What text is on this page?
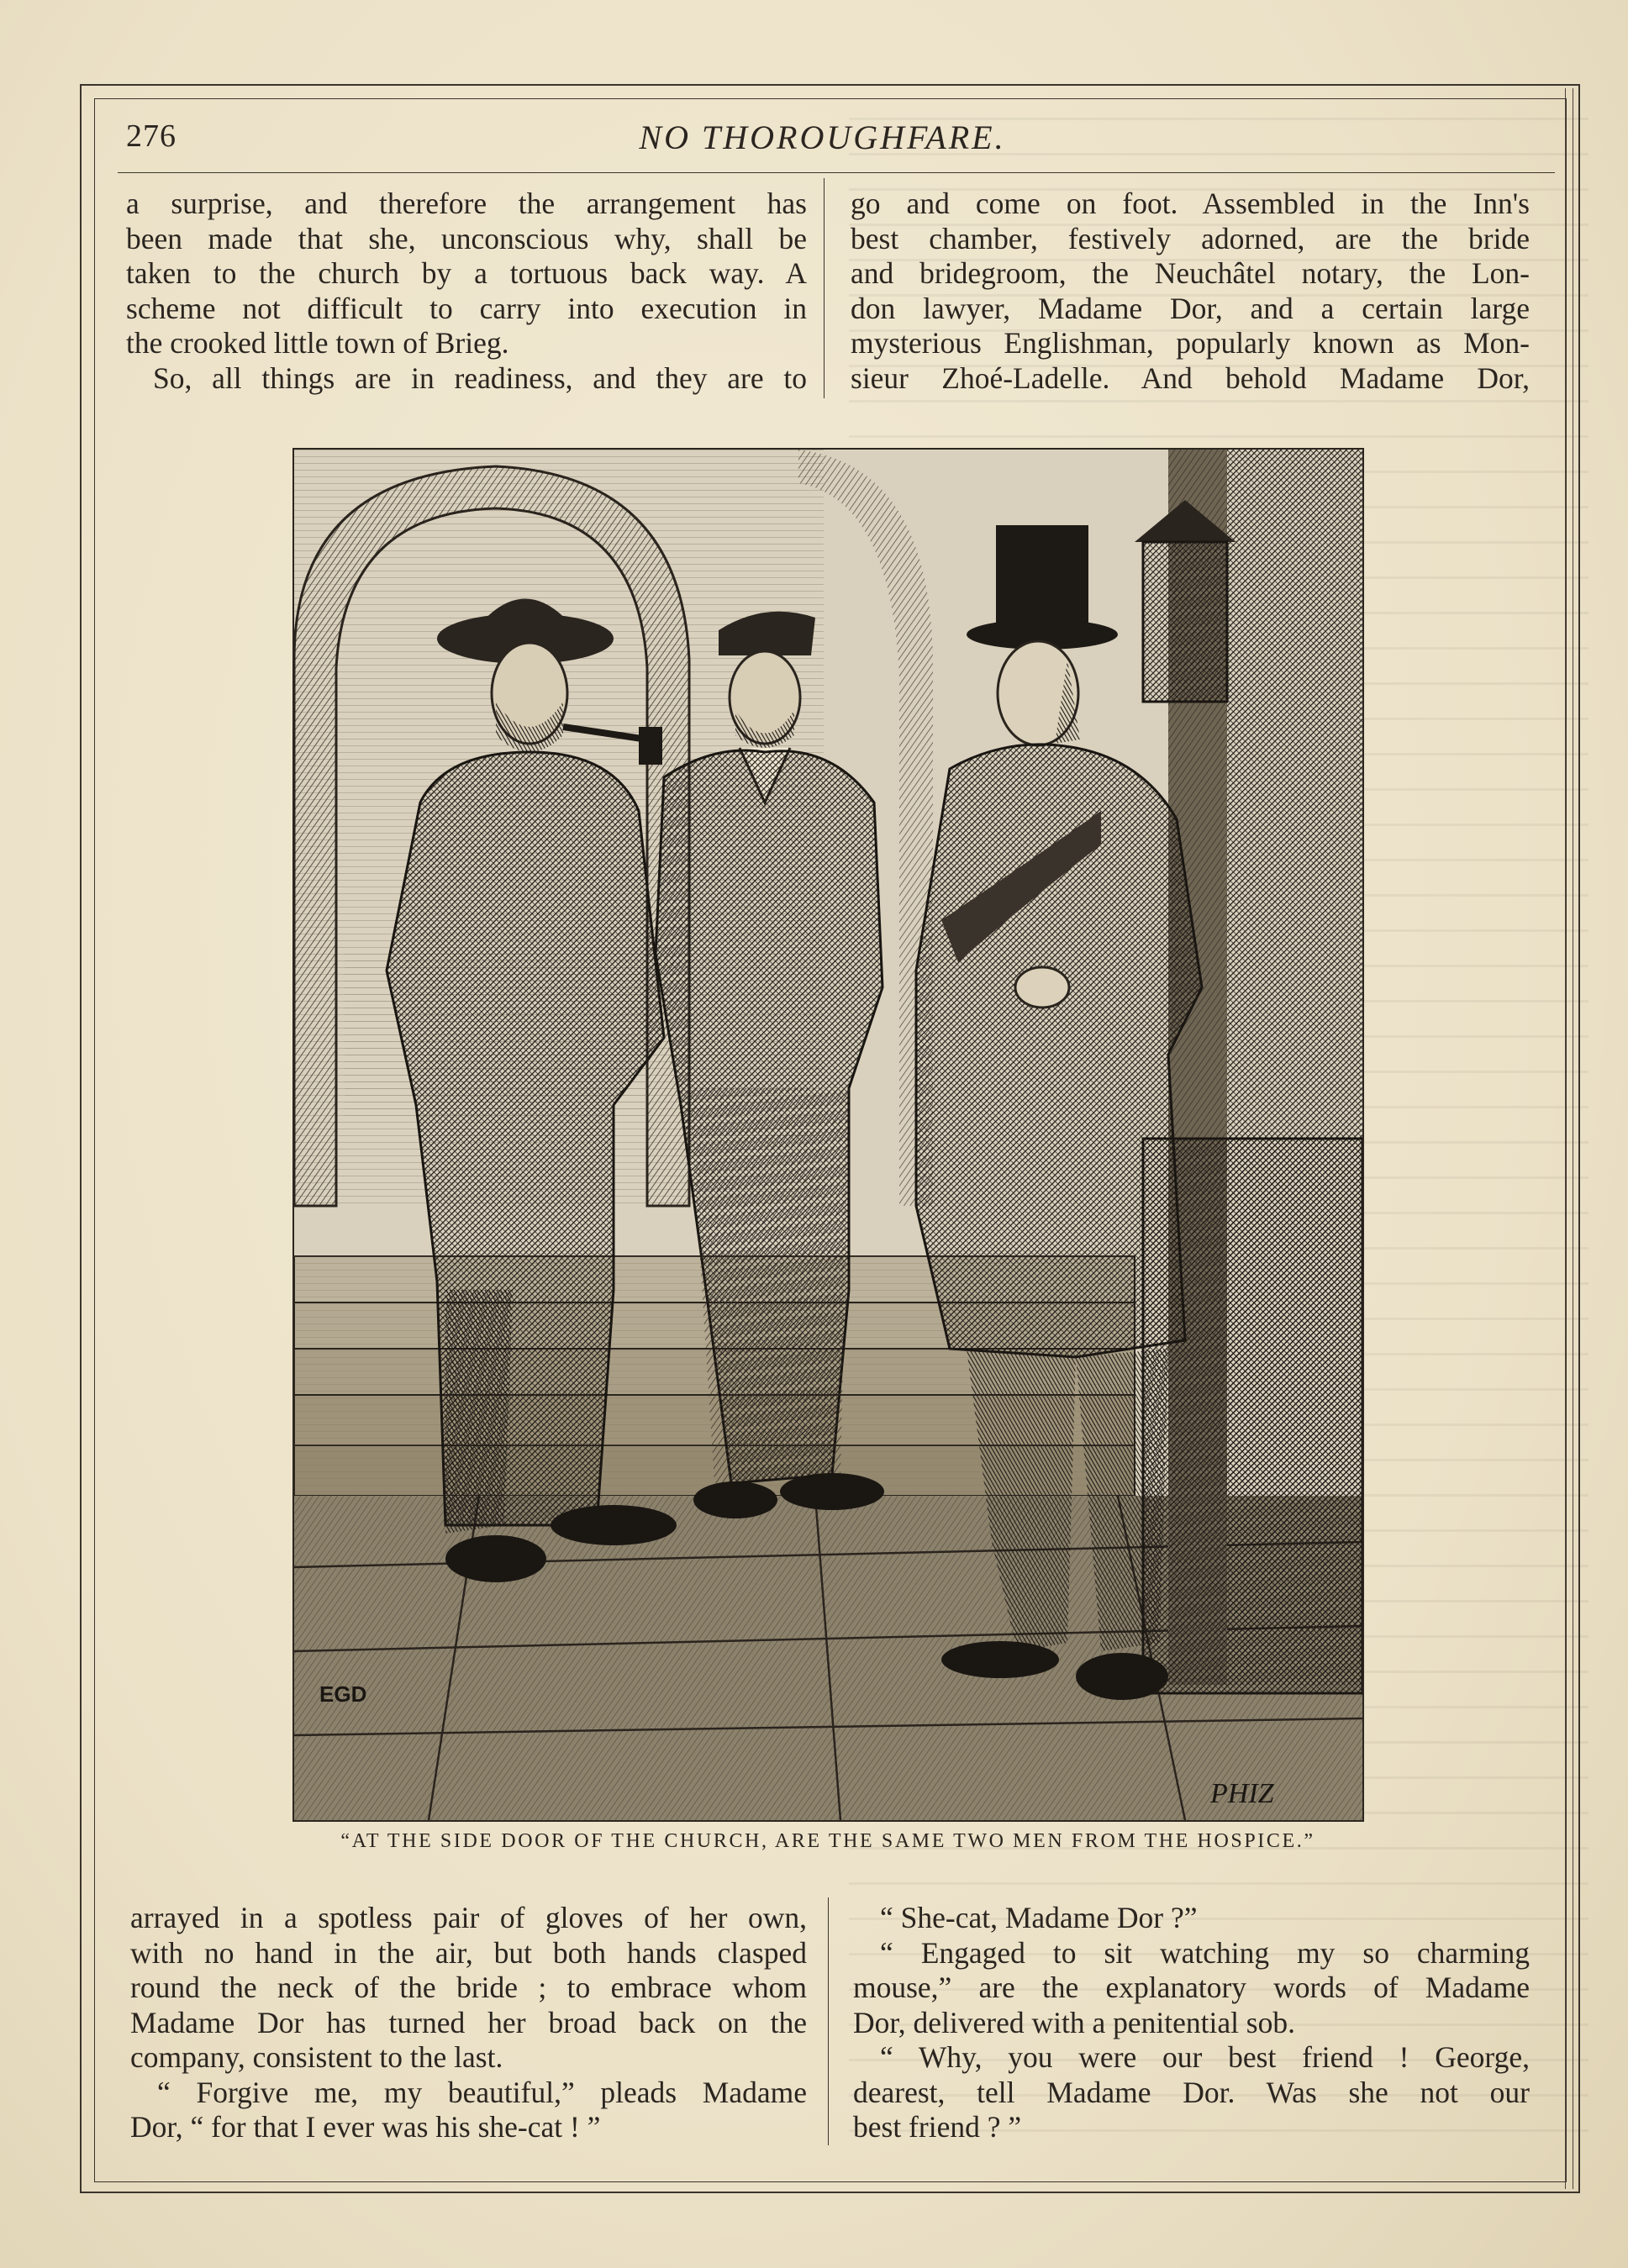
276	NO THOROUGHFARE.
a surprise, and therefore the arrangement has
been made that she, unconscious why, shall be
taken to the church by a tortuous back way. A
scheme not difficult to carry into execution in
the crooked little town of Brieg.
So, all things are in readiness, and they are to
go and come on foot. Assembled in the Inn's
best chamber, festively adorned, are the bride
and bridegroom, the Neuchâtel notary, the Lon-
don lawyer, Madame Dor, and a certain large
mysterious Englishman, popularly known as Mon-
sieur Zhoé-Ladelle. And behold Madame Dor,
EGD
PHIZ
“AT THE SIDE DOOR OF THE CHURCH, ARE THE SAME TWO MEN FROM THE HOSPICE.”
arrayed in a spotless pair of gloves of her own,
with no hand in the air, but both hands clasped
round the neck of the bride ; to embrace whom
Madame Dor has turned her broad back on the
company, consistent to the last.
“ Forgive me, my beautiful,” pleads Madame
Dor, “ for that I ever was his she-cat ! ”
“ She-cat, Madame Dor ?”
“ Engaged to sit watching my so charming
mouse,” are the explanatory words of Madame
Dor, delivered with a penitential sob.
“ Why, you were our best friend ! George,
dearest, tell Madame Dor. Was she not our
best friend ? ”
